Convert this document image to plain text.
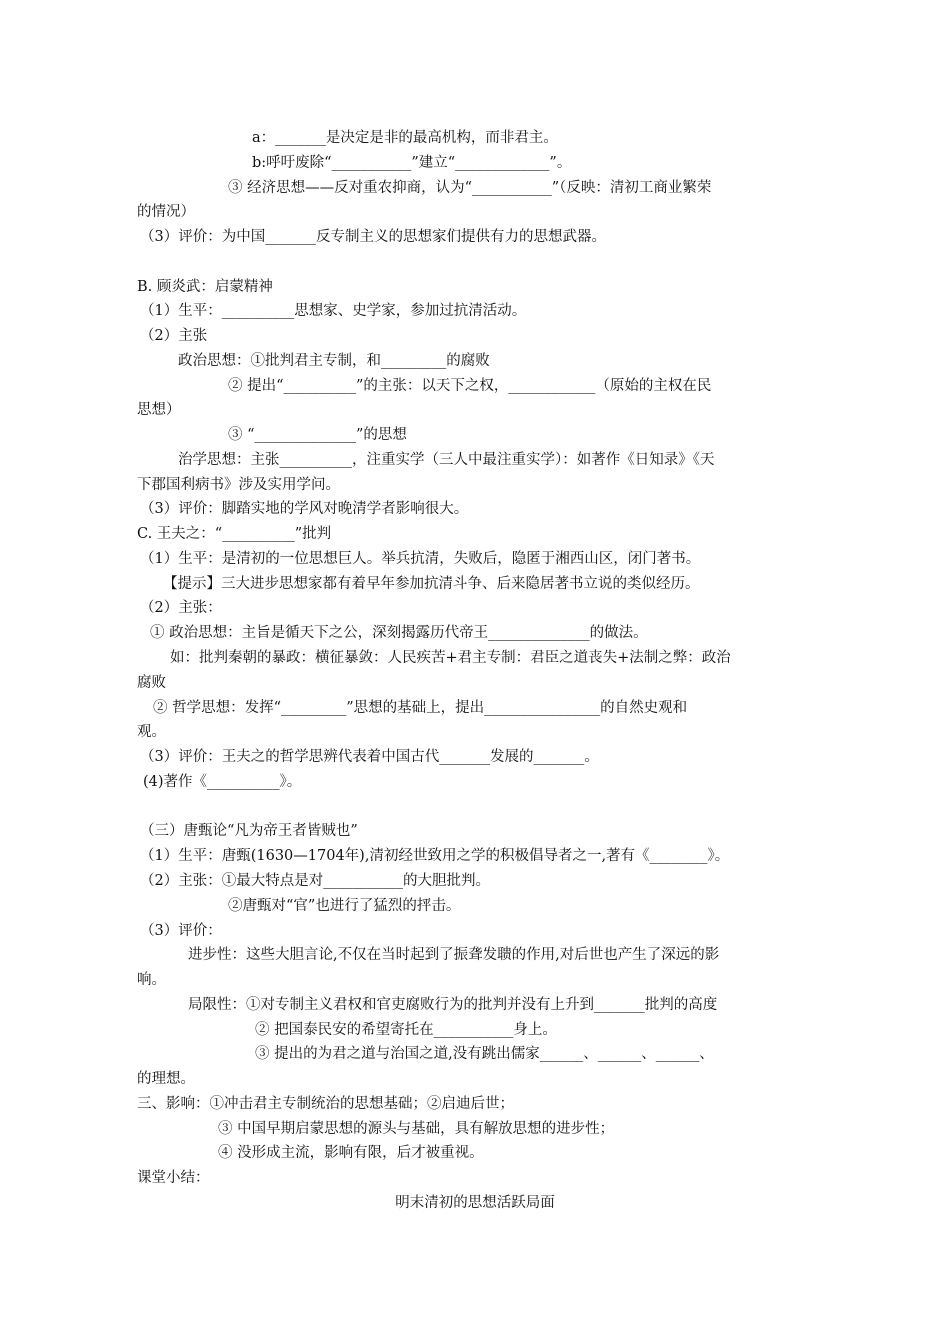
a：_______是决定是非的最高机构，而非君主。
b:呼吁废除“___________”建立“_____________”。
③ 经济思想——反对重农抑商，认为“___________”（反映：清初工商业繁荣
的情况）
（3）评价：为中国_______反专制主义的思想家们提供有力的思想武器。
B. 顾炎武：启蒙精神
（1）生平：__________思想家、史学家，参加过抗清活动。
（2）主张
政治思想：①批判君主专制，和_________的腐败
② 提出“__________”的主张：以天下之权，____________（原始的主权在民
思想）
③ “______________”的思想
治学思想：主张__________，注重实学（三人中最注重实学）：如著作《日知录》《天
下郡国利病书》涉及实用学问。
（3）评价：脚踏实地的学风对晚清学者影响很大。
C. 王夫之：“__________”批判
（1）生平：是清初的一位思想巨人。举兵抗清，失败后，隐匿于湘西山区，闭门著书。
【提示】三大进步思想家都有着早年参加抗清斗争、后来隐居著书立说的类似经历。
（2）主张：
① 政治思想：主旨是循天下之公，深刻揭露历代帝王______________的做法。
如：批判秦朝的暴政：横征暴敛：人民疾苦+君主专制：君臣之道丧失+法制之弊：政治
腐败
② 哲学思想：发挥“_________”思想的基础上，提出________________的自然史观和
观。
（3）评价：王夫之的哲学思辨代表着中国古代_______发展的_______。
(4)著作《__________》。
（三）唐甄论“凡为帝王者皆贼也”
（1）生平：唐甄(1630—1704年),清初经世致用之学的积极倡导者之一,著有《________》。
（2）主张：①最大特点是对___________的大胆批判。
②唐甄对“官”也进行了猛烈的抨击。
（3）评价：
进步性：这些大胆言论,不仅在当时起到了振聋发聩的作用,对后世也产生了深远的影
响。
局限性：①对专制主义君权和官吏腐败行为的批判并没有上升到_______批判的高度
② 把国泰民安的希望寄托在___________身上。
③ 提出的为君之道与治国之道,没有跳出儒家______、______、______、
的理想。
三、影响：①冲击君主专制统治的思想基础；②启迪后世；
③ 中国早期启蒙思想的源头与基础，具有解放思想的进步性；
④ 没形成主流，影响有限，后才被重视。
课堂小结：
明末清初的思想活跃局面
